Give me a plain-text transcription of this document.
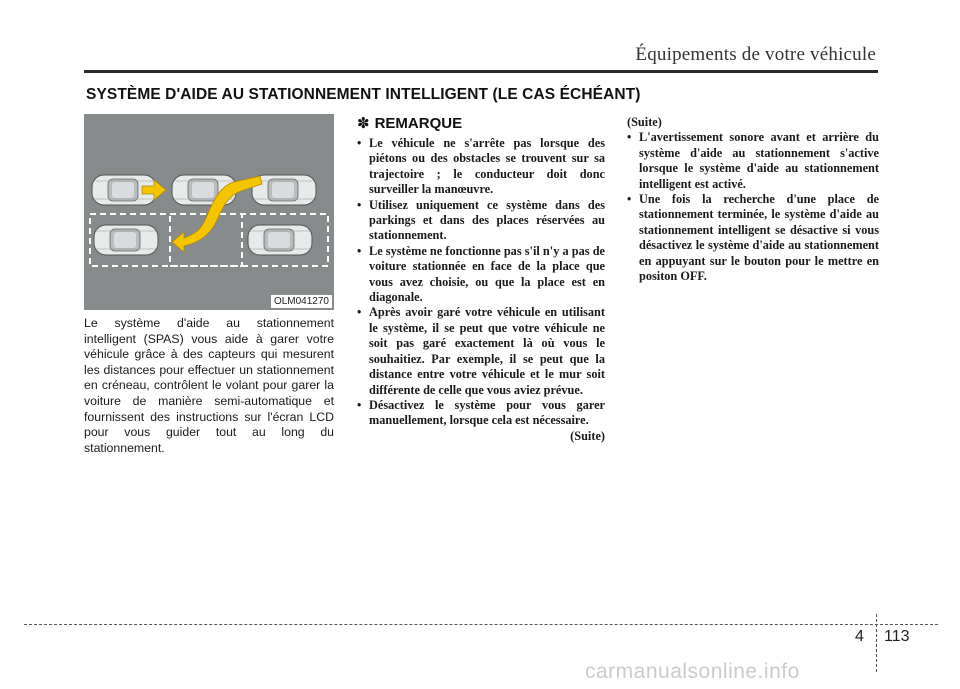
Équipements de votre véhicule
SYSTÈME D'AIDE AU STATIONNEMENT INTELLIGENT (LE CAS ÉCHÉANT)
OLM041270

Le système d'aide au stationnement intelligent (SPAS) vous aide à garer votre véhicule grâce à des capteurs qui mesurent les distances pour effectuer un stationnement en créneau, contrôlent le volant pour garer la voiture de manière semi-automatique et fournissent des instructions sur l'écran LCD pour vous guider tout au long du stationnement.

✽ REMARQUE
• Le véhicule ne s'arrête pas lorsque des piétons ou des obstacles se trouvent sur sa trajectoire ; le conducteur doit donc surveiller la manœuvre.
• Utilisez uniquement ce système dans des parkings et dans des places réservées au stationnement.
• Le système ne fonctionne pas s'il n'y a pas de voiture stationnée en face de la place que vous avez choisie, ou que la place est en diagonale.
• Après avoir garé votre véhicule en utilisant le système, il se peut que votre véhicule ne soit pas garé exactement là où vous le souhaitiez. Par exemple, il se peut que la distance entre votre véhicule et le mur soit différente de celle que vous aviez prévue.
• Désactivez le système pour vous garer manuellement, lorsque cela est nécessaire.
(Suite)
(Suite)
• L'avertissement sonore avant et arrière du système d'aide au stationnement s'active lorsque le système d'aide au stationnement intelligent est activé.
• Une fois la recherche d'une place de stationnement terminée, le système d'aide au stationnement intelligent se désactive si vous désactivez le système d'aide au stationnement en appuyant sur le bouton pour le mettre en positon OFF.
4 113
carmanualsonline.info
